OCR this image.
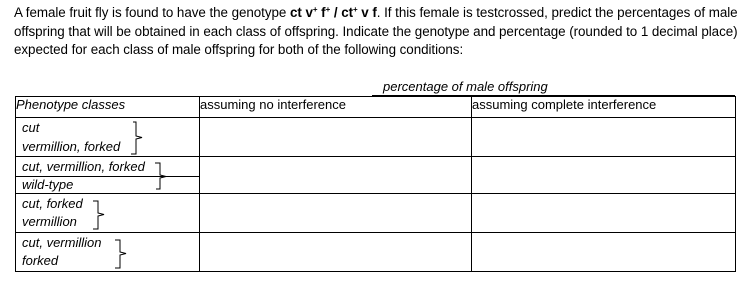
A female fruit fly is found to have the genotype ct v+ f+ / ct+ v f. If this female is testcrossed, predict the percentages of male offspring that will be obtained in each class of offspring. Indicate the genotype and percentage (rounded to 1 decimal place) expected for each class of male offspring for both of the following conditions:
percentage of male offspring
Phenotype classes	assuming no interference	assuming complete interference

cut
vermillion, forked		

cut, vermillion, forked
wild-type		

cut, forked
vermillion		

cut, vermillion
forked		
